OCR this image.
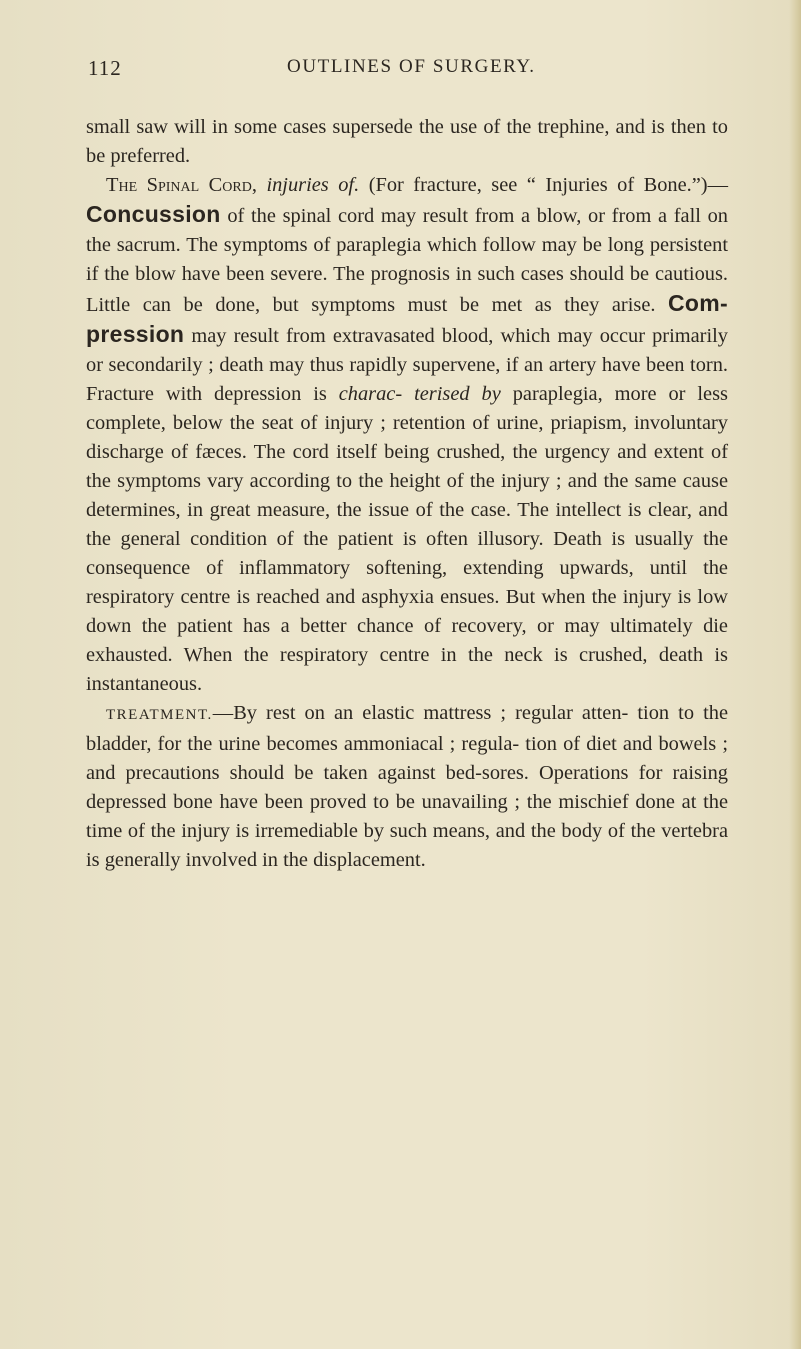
112	OUTLINES OF SURGERY.

small saw will in some cases supersede the use of the trephine, and is then to be preferred.

The Spinal Cord, injuries of. (For fracture, see “ Injuries of Bone.”)—Concussion of the spinal cord may result from a blow, or from a fall on the sacrum. The symptoms of paraplegia which follow may be long persistent if the blow have been severe. The prognosis in such cases should be cautious. Little can be done, but symptoms must be met as they arise. Com- pression may result from extravasated blood, which may occur primarily or secondarily ; death may thus rapidly supervene, if an artery have been torn. Fracture with depression is charac- terised by paraplegia, more or less complete, below the seat of injury ; retention of urine, priapism, involuntary discharge of fæces. The cord itself being crushed, the urgency and extent of the symptoms vary according to the height of the injury ; and the same cause determines, in great measure, the issue of the case. The intellect is clear, and the general condition of the patient is often illusory. Death is usually the consequence of inflammatory softening, extending upwards, until the respiratory centre is reached and asphyxia ensues. But when the injury is low down the patient has a better chance of recovery, or may ultimately die exhausted. When the respiratory centre in the neck is crushed, death is instantaneous.

TREATMENT.—By rest on an elastic mattress ; regular atten- tion to the bladder, for the urine becomes ammoniacal ; regula- tion of diet and bowels ; and precautions should be taken against bed-sores. Operations for raising depressed bone have been proved to be unavailing ; the mischief done at the time of the injury is irremediable by such means, and the body of the vertebra is generally involved in the displacement.
